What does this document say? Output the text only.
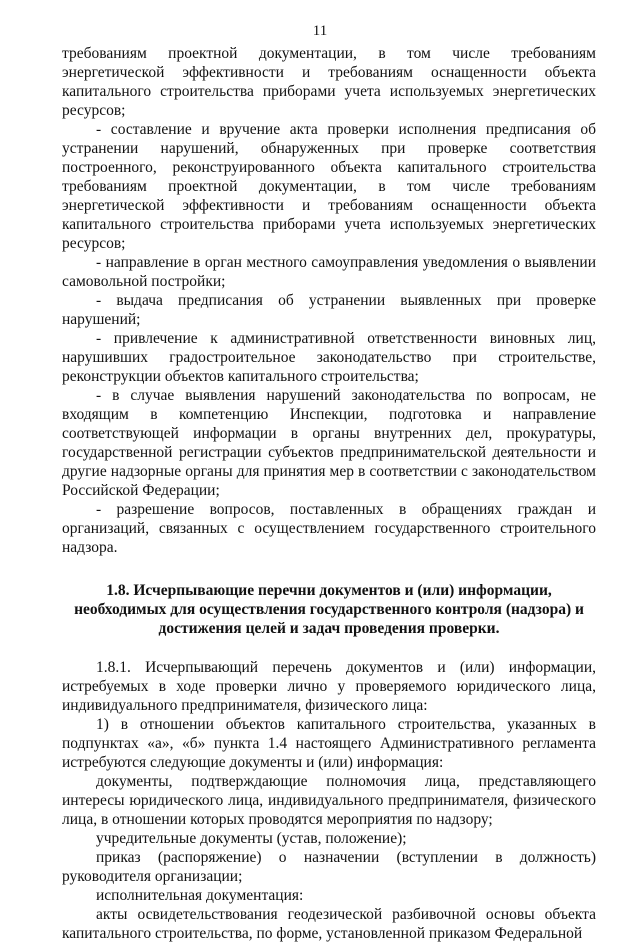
11

требованиям проектной документации, в том числе требованиям энергетической эффективности и требованиям оснащенности объекта капитального строительства приборами учета используемых энергетических ресурсов;

- составление и вручение акта проверки исполнения предписания об устранении нарушений, обнаруженных при проверке соответствия построенного, реконструированного объекта капитального строительства требованиям проектной документации, в том числе требованиям энергетической эффективности и требованиям оснащенности объекта капитального строительства приборами учета используемых энергетических ресурсов;

- направление в орган местного самоуправления уведомления о выявлении самовольной постройки;

- выдача предписания об устранении выявленных при проверке нарушений;

- привлечение к административной ответственности виновных лиц, нарушивших градостроительное законодательство при строительстве, реконструкции объектов капитального строительства;

- в случае выявления нарушений законодательства по вопросам, не входящим в компетенцию Инспекции, подготовка и направление соответствующей информации в органы внутренних дел, прокуратуры, государственной регистрации субъектов предпринимательской деятельности и другие надзорные органы для принятия мер в соответствии с законодательством Российской Федерации;

- разрешение вопросов, поставленных в обращениях граждан и организаций, связанных с осуществлением государственного строительного надзора.

1.8. Исчерпывающие перечни документов и (или) информации, необходимых для осуществления государственного контроля (надзора) и достижения целей и задач проведения проверки.

1.8.1. Исчерпывающий перечень документов и (или) информации, истребуемых в ходе проверки лично у проверяемого юридического лица, индивидуального предпринимателя, физического лица:

1) в отношении объектов капитального строительства, указанных в подпунктах «а», «б» пункта 1.4 настоящего Административного регламента истребуются следующие документы и (или) информация:

документы, подтверждающие полномочия лица, представляющего интересы юридического лица, индивидуального предпринимателя, физического лица, в отношении которых проводятся мероприятия по надзору;

учредительные документы (устав, положение);

приказ (распоряжение) о назначении (вступлении в должность) руководителя организации;

исполнительная документация:

акты освидетельствования геодезической разбивочной основы объекта капитального строительства, по форме, установленной приказом Федеральной
